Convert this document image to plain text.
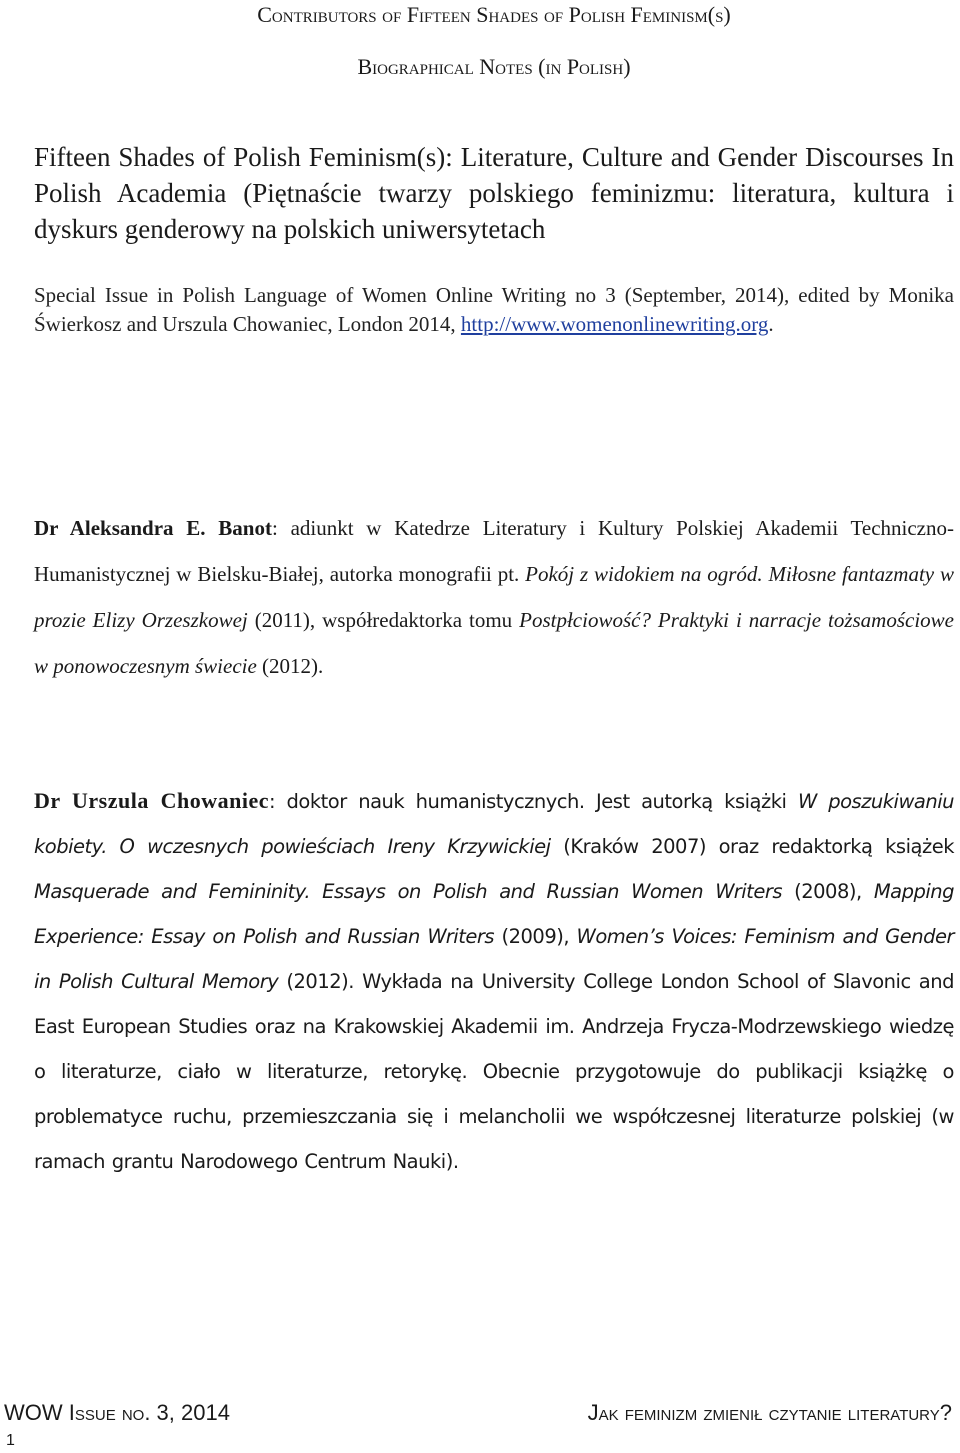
Contributors of Fifteen Shades of Polish Feminism(s)
Biographical Notes (in Polish)

Fifteen Shades of Polish Feminism(s): Literature, Culture and Gender Discourses In Polish Academia (Piętnaście twarzy polskiego feminizmu: literatura, kultura i dyskurs genderowy na polskich uniwersytetach

Special Issue in Polish Language of Women Online Writing no 3 (September, 2014), edited by Monika Świerkosz and Urszula Chowaniec, London 2014, http://www.womenonlinewriting.org.

Dr Aleksandra E. Banot: adiunkt w Katedrze Literatury i Kultury Polskiej Akademii Techniczno-Humanistycznej w Bielsku-Białej, autorka monografii pt. Pokój z widokiem na ogród. Miłosne fantazmaty w prozie Elizy Orzeszkowej (2011), współredaktorka tomu Postpłciowość? Praktyki i narracje tożsamościowe w ponowoczesnym świecie (2012).

Dr Urszula Chowaniec: doktor nauk humanistycznych. Jest autorką książki W poszukiwaniu kobiety. O wczesnych powieściach Ireny Krzywickiej (Kraków 2007) oraz redaktorką książek Masquerade and Femininity. Essays on Polish and Russian Women Writers (2008), Mapping Experience: Essay on Polish and Russian Writers (2009), Women’s Voices: Feminism and Gender in Polish Cultural Memory (2012). Wykłada na University College London School of Slavonic and East European Studies oraz na Krakowskiej Akademii im. Andrzeja Frycza-Modrzewskiego wiedzę o literaturze, ciało w literaturze, retorykę. Obecnie przygotowuje do publikacji książkę o problematyce ruchu, przemieszczania się i melancholii we współczesnej literaturze polskiej (w ramach grantu Narodowego Centrum Nauki).

WOW Issue no. 3, 2014	Jak feminizm zmienił czytanie literatury?
1
